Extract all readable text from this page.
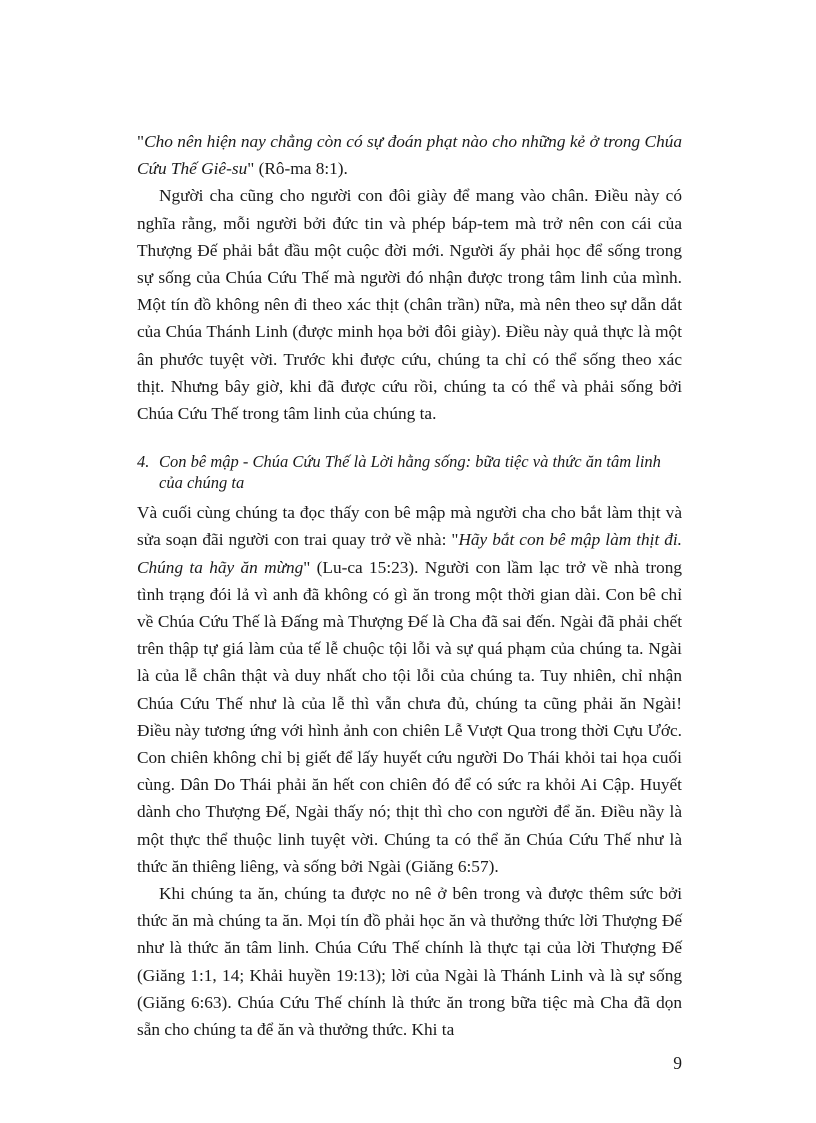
"Cho nên hiện nay chẳng còn có sự đoán phạt nào cho những kẻ ở trong Chúa Cứu Thế Giê-su" (Rô-ma 8:1).

Người cha cũng cho người con đôi giày để mang vào chân. Điều này có nghĩa rằng, mỗi người bởi đức tin và phép báp-tem mà trở nên con cái của Thượng Đế phải bắt đầu một cuộc đời mới. Người ấy phải học để sống trong sự sống của Chúa Cứu Thế mà người đó nhận được trong tâm linh của mình. Một tín đồ không nên đi theo xác thịt (chân trần) nữa, mà nên theo sự dẫn dắt của Chúa Thánh Linh (được minh họa bởi đôi giày). Điều này quả thực là một ân phước tuyệt vời. Trước khi được cứu, chúng ta chỉ có thể sống theo xác thịt. Nhưng bây giờ, khi đã được cứu rồi, chúng ta có thể và phải sống bởi Chúa Cứu Thế trong tâm linh của chúng ta.

4. Con bê mập - Chúa Cứu Thế là Lời hằng sống: bữa tiệc và thức ăn tâm linh của chúng ta

Và cuối cùng chúng ta đọc thấy con bê mập mà người cha cho bắt làm thịt và sửa soạn đãi người con trai quay trở về nhà: "Hãy bắt con bê mập làm thịt đi. Chúng ta hãy ăn mừng" (Lu-ca 15:23). Người con lầm lạc trở về nhà trong tình trạng đói lả vì anh đã không có gì ăn trong một thời gian dài. Con bê chỉ về Chúa Cứu Thế là Đấng mà Thượng Đế là Cha đã sai đến. Ngài đã phải chết trên thập tự giá làm của tế lễ chuộc tội lỗi và sự quá phạm của chúng ta. Ngài là của lễ chân thật và duy nhất cho tội lỗi của chúng ta. Tuy nhiên, chỉ nhận Chúa Cứu Thế như là của lễ thì vẫn chưa đủ, chúng ta cũng phải ăn Ngài! Điều này tương ứng với hình ảnh con chiên Lễ Vượt Qua trong thời Cựu Ước. Con chiên không chỉ bị giết để lấy huyết cứu người Do Thái khỏi tai họa cuối cùng. Dân Do Thái phải ăn hết con chiên đó để có sức ra khỏi Ai Cập. Huyết dành cho Thượng Đế, Ngài thấy nó; thịt thì cho con người để ăn. Điều nầy là một thực thể thuộc linh tuyệt vời. Chúng ta có thể ăn Chúa Cứu Thế như là thức ăn thiêng liêng, và sống bởi Ngài (Giăng 6:57).

Khi chúng ta ăn, chúng ta được no nê ở bên trong và được thêm sức bởi thức ăn mà chúng ta ăn. Mọi tín đồ phải học ăn và thưởng thức lời Thượng Đế như là thức ăn tâm linh. Chúa Cứu Thế chính là thực tại của lời Thượng Đế (Giăng 1:1, 14; Khải huyền 19:13); lời của Ngài là Thánh Linh và là sự sống (Giăng 6:63). Chúa Cứu Thế chính là thức ăn trong bữa tiệc mà Cha đã dọn sẵn cho chúng ta để ăn và thưởng thức. Khi ta

9
